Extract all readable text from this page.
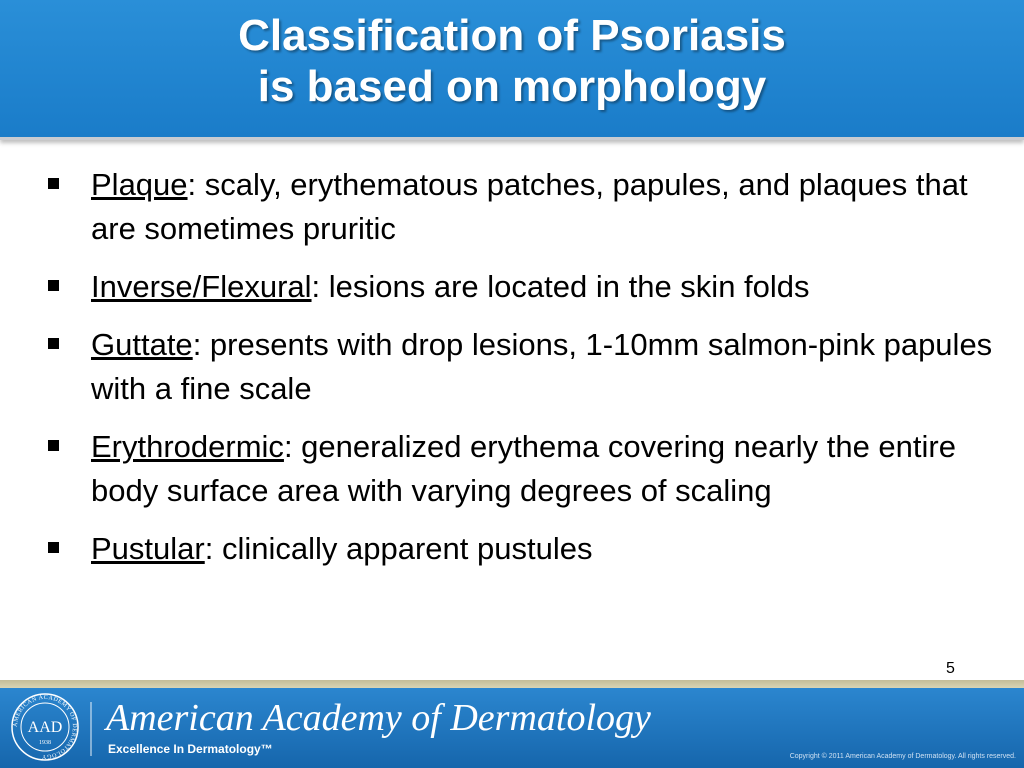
Classification of Psoriasis
is based on morphology
Plaque: scaly, erythematous patches, papules, and plaques that are sometimes pruritic
Inverse/Flexural: lesions are located in the skin folds
Guttate: presents with drop lesions, 1-10mm salmon-pink papules with a fine scale
Erythrodermic: generalized erythema covering nearly the entire body surface area with varying degrees of scaling
Pustular: clinically apparent pustules
5
AMERICAN ACADEMY OF DERMATOLOGY
AAD
1938
American Academy of Dermatology
Excellence In Dermatology™
Copyright © 2011 American Academy of Dermatology. All rights reserved.
